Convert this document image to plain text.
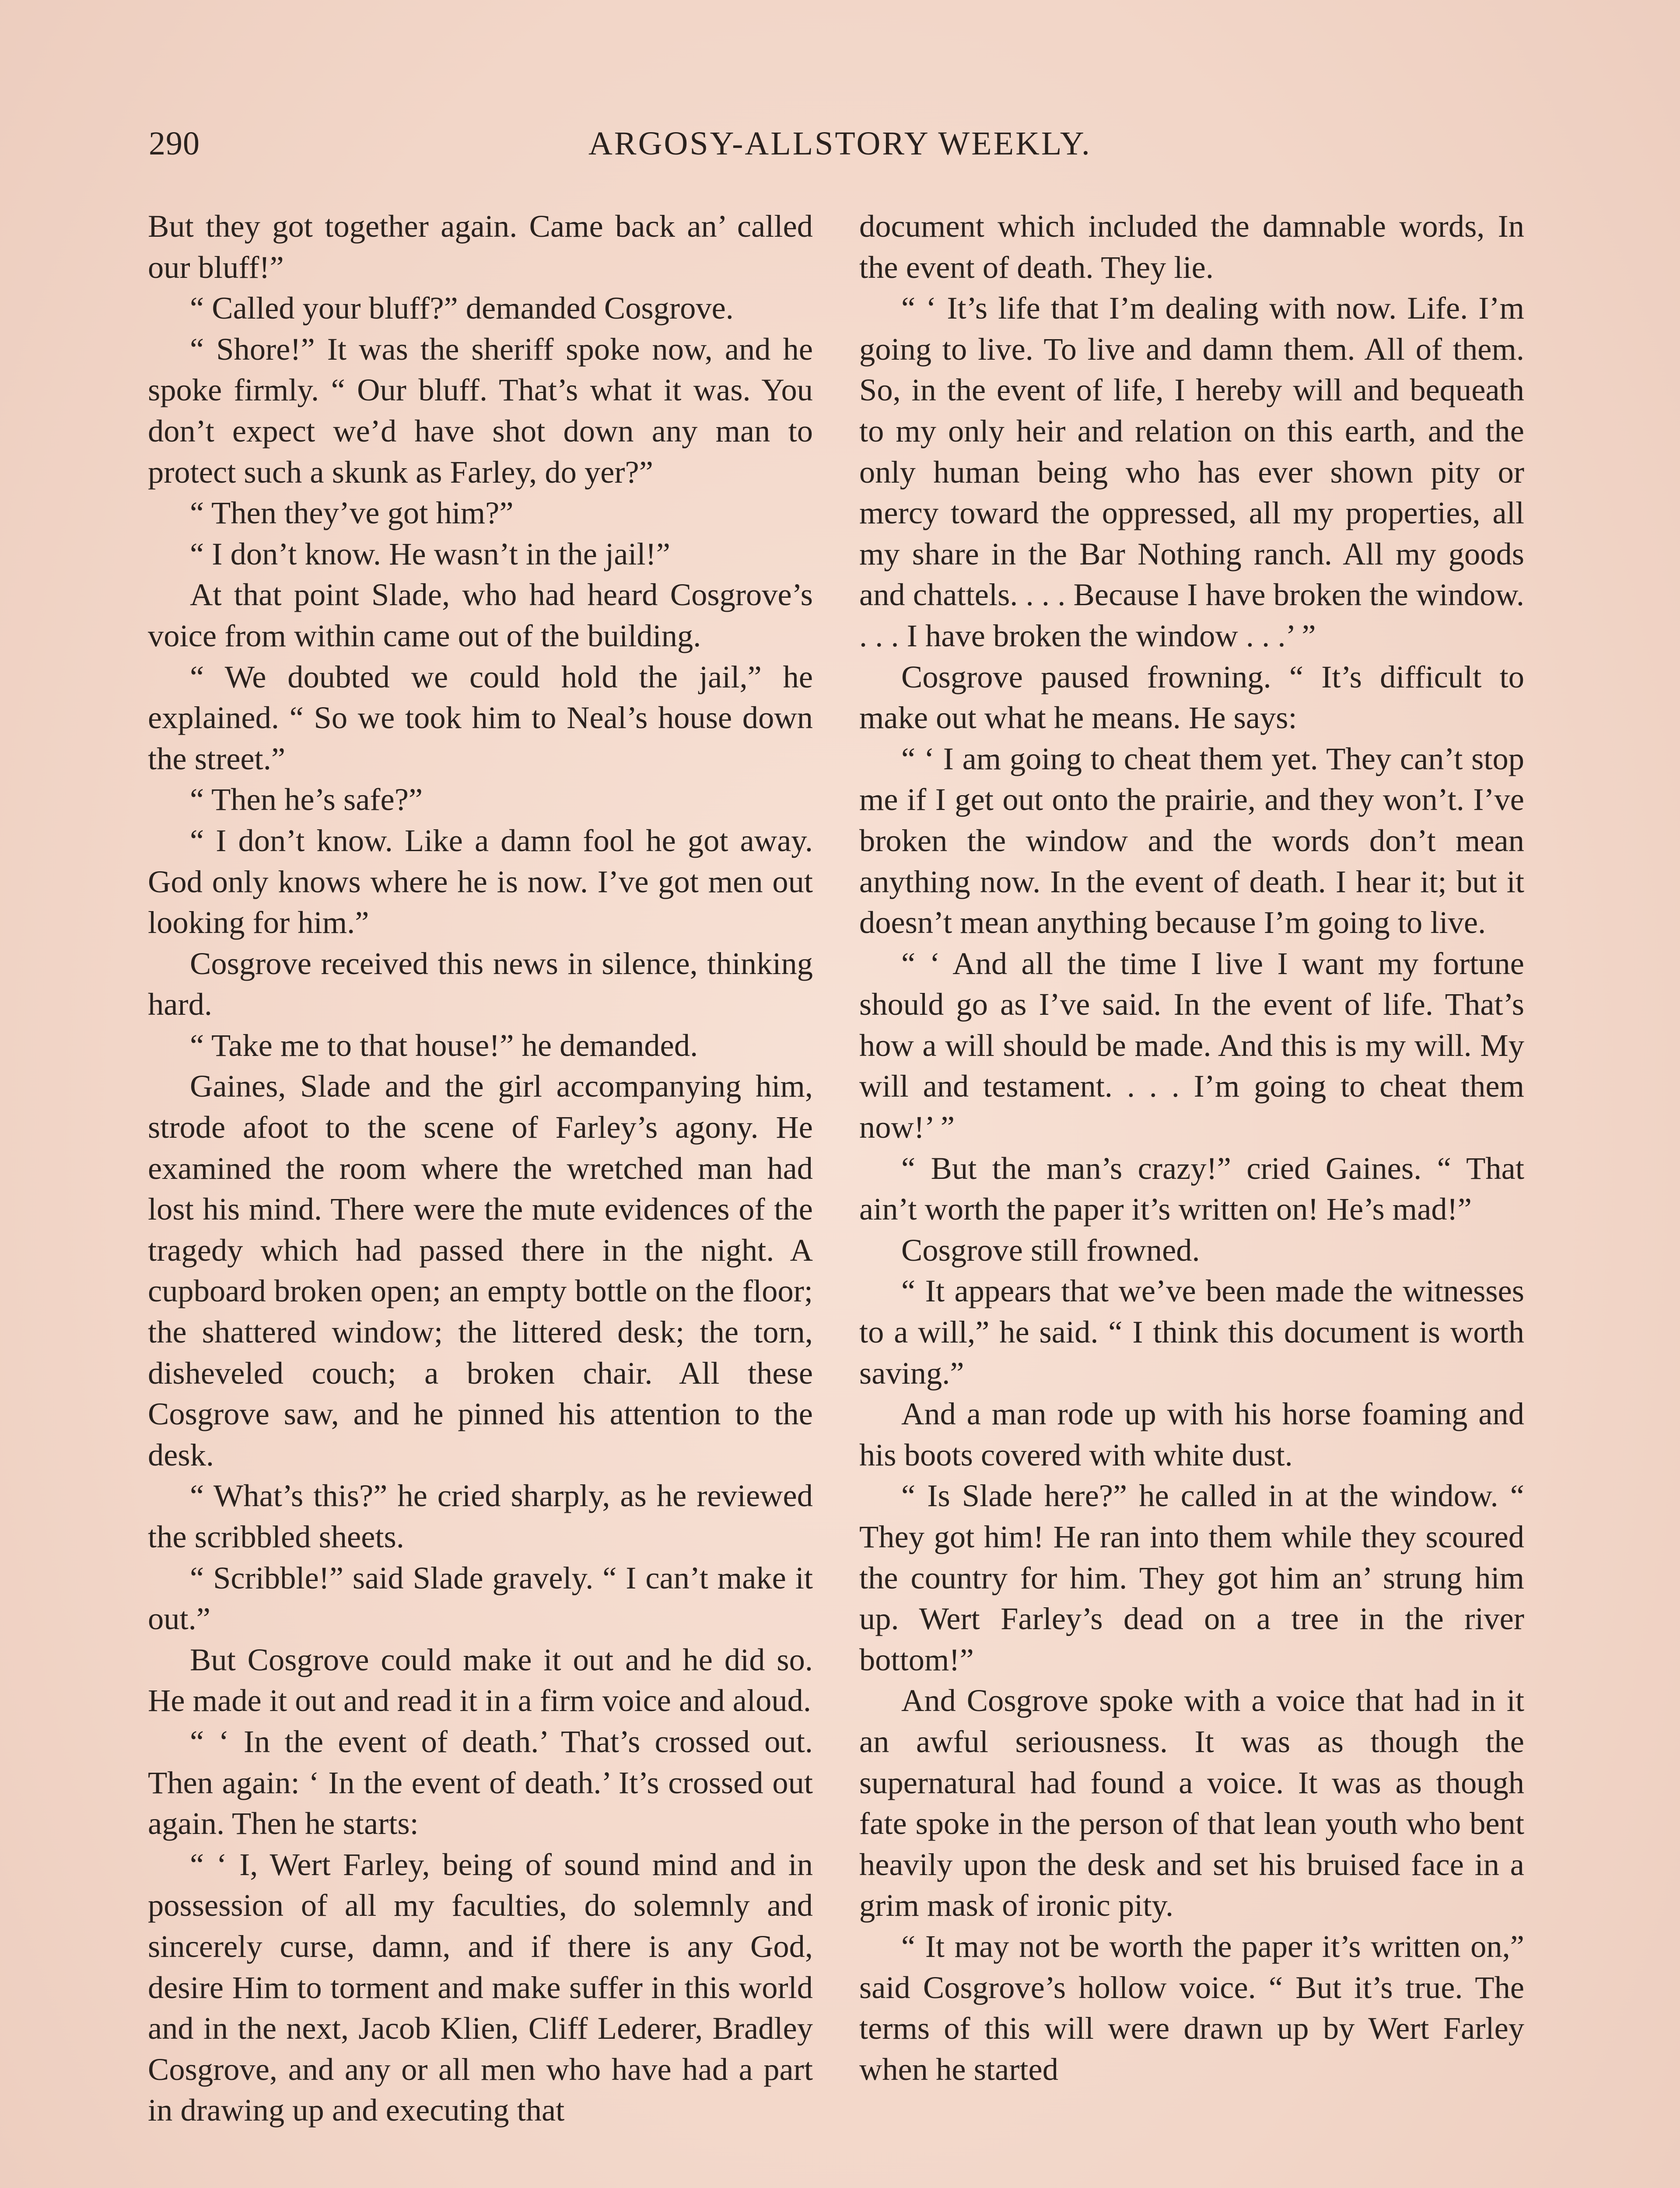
290	ARGOSY-ALLSTORY WEEKLY.

But they got together again. Came back an’ called our bluff!”

“ Called your bluff?” demanded Cosgrove.

“ Shore!” It was the sheriff spoke now, and he spoke firmly. “ Our bluff. That’s what it was. You don’t expect we’d have shot down any man to protect such a skunk as Farley, do yer?”

“ Then they’ve got him?”

“ I don’t know. He wasn’t in the jail!”

At that point Slade, who had heard Cosgrove’s voice from within came out of the building.

“ We doubted we could hold the jail,” he explained. “ So we took him to Neal’s house down the street.”

“ Then he’s safe?”

“ I don’t know. Like a damn fool he got away. God only knows where he is now. I’ve got men out looking for him.”

Cosgrove received this news in silence, thinking hard.

“ Take me to that house!” he demanded.

Gaines, Slade and the girl accompanying him, strode afoot to the scene of Farley’s agony. He examined the room where the wretched man had lost his mind. There were the mute evidences of the tragedy which had passed there in the night. A cupboard broken open; an empty bottle on the floor; the shattered window; the littered desk; the torn, disheveled couch; a broken chair. All these Cosgrove saw, and he pinned his attention to the desk.

“ What’s this?” he cried sharply, as he reviewed the scribbled sheets.

“ Scribble!” said Slade gravely. “ I can’t make it out.”

But Cosgrove could make it out and he did so. He made it out and read it in a firm voice and aloud.

“ ‘ In the event of death.’ That’s crossed out. Then again: ‘ In the event of death.’ It’s crossed out again. Then he starts:

“ ‘ I, Wert Farley, being of sound mind and in possession of all my faculties, do solemnly and sincerely curse, damn, and if there is any God, desire Him to torment and make suffer in this world and in the next, Jacob Klien, Cliff Lederer, Bradley Cosgrove, and any or all men who have had a part in drawing up and executing that

document which included the damnable words, In the event of death. They lie.

“ ‘ It’s life that I’m dealing with now. Life. I’m going to live. To live and damn them. All of them. So, in the event of life, I hereby will and bequeath to my only heir and relation on this earth, and the only human being who has ever shown pity or mercy toward the oppressed, all my properties, all my share in the Bar Nothing ranch. All my goods and chattels. . . . Because I have broken the window. . . . I have broken the window . . .’ ”

Cosgrove paused frowning. “ It’s difficult to make out what he means. He says:

“ ‘ I am going to cheat them yet. They can’t stop me if I get out onto the prairie, and they won’t. I’ve broken the window and the words don’t mean anything now. In the event of death. I hear it; but it doesn’t mean anything because I’m going to live.

“ ‘ And all the time I live I want my fortune should go as I’ve said. In the event of life. That’s how a will should be made. And this is my will. My will and testament. . . . I’m going to cheat them now!’ ”

“ But the man’s crazy!” cried Gaines. “ That ain’t worth the paper it’s written on! He’s mad!”

Cosgrove still frowned.

“ It appears that we’ve been made the witnesses to a will,” he said. “ I think this document is worth saving.”

And a man rode up with his horse foaming and his boots covered with white dust.

“ Is Slade here?” he called in at the window. “ They got him! He ran into them while they scoured the country for him. They got him an’ strung him up. Wert Farley’s dead on a tree in the river bottom!”

And Cosgrove spoke with a voice that had in it an awful seriousness. It was as though the supernatural had found a voice. It was as though fate spoke in the person of that lean youth who bent heavily upon the desk and set his bruised face in a grim mask of ironic pity.

“ It may not be worth the paper it’s written on,” said Cosgrove’s hollow voice. “ But it’s true. The terms of this will were drawn up by Wert Farley when he started
